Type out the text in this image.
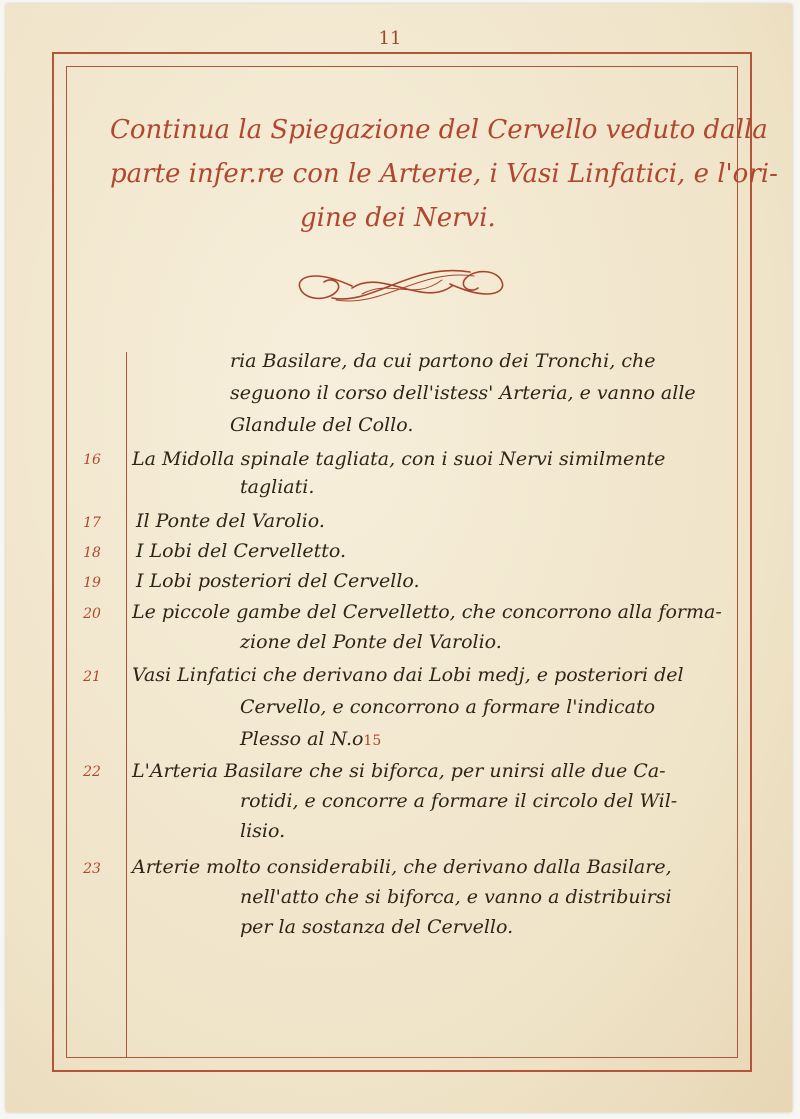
11
Continua la Spiegazione del Cervello veduto dalla
parte infer.re con le Arterie, i Vasi Linfatici, e l'ori-
gine dei Nervi.
ria Basilare, da cui partono dei Tronchi, che
seguono il corso dell'istess' Arteria, e vanno alle
Glandule del Collo.
16	La Midolla spinale tagliata, con i suoi Nervi similmente
tagliati.
17	Il Ponte del Varolio.
18	I Lobi del Cervelletto.
19	I Lobi posteriori del Cervello.
20	Le piccole gambe del Cervelletto, che concorrono alla forma-
zione del Ponte del Varolio.
21	Vasi Linfatici che derivano dai Lobi medj, e posteriori del
Cervello, e concorrono a formare l'indicato
Plesso al N.o15
22	L'Arteria Basilare che si biforca, per unirsi alle due Ca-
rotidi, e concorre a formare il circolo del Wil-
lisio.
23	Arterie molto considerabili, che derivano dalla Basilare,
nell'atto che si biforca, e vanno a distribuirsi
per la sostanza del Cervello.
